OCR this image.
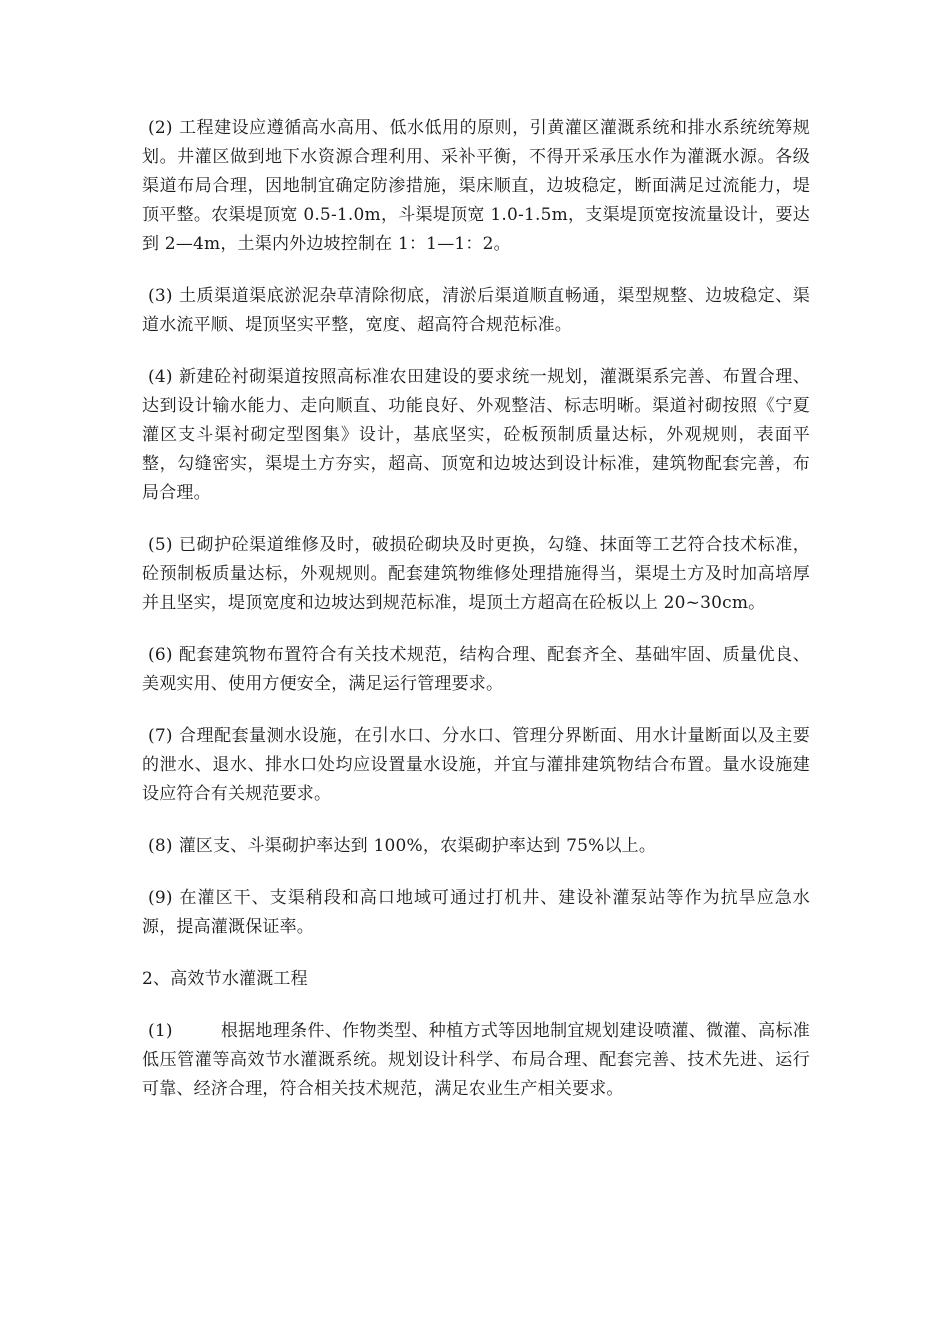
(2) 工程建设应遵循高水高用、低水低用的原则，引黄灌区灌溉系统和排水系统统筹规划。井灌区做到地下水资源合理利用、采补平衡，不得开采承压水作为灌溉水源。各级渠道布局合理，因地制宜确定防渗措施，渠床顺直，边坡稳定，断面满足过流能力，堤顶平整。农渠堤顶宽 0.5-1.0m，斗渠堤顶宽 1.0-1.5m，支渠堤顶宽按流量设计，要达到 2—4m，土渠内外边坡控制在 1：1—1：2。

(3) 土质渠道渠底淤泥杂草清除彻底，清淤后渠道顺直畅通，渠型规整、边坡稳定、渠道水流平顺、堤顶坚实平整，宽度、超高符合规范标准。

(4) 新建砼衬砌渠道按照高标准农田建设的要求统一规划，灌溉渠系完善、布置合理、达到设计输水能力、走向顺直、功能良好、外观整洁、标志明晰。渠道衬砌按照《宁夏灌区支斗渠衬砌定型图集》设计，基底坚实，砼板预制质量达标，外观规则，表面平整，勾缝密实，渠堤土方夯实，超高、顶宽和边坡达到设计标准，建筑物配套完善，布局合理。

(5) 已砌护砼渠道维修及时，破损砼砌块及时更换，勾缝、抹面等工艺符合技术标准，砼预制板质量达标，外观规则。配套建筑物维修处理措施得当，渠堤土方及时加高培厚并且坚实，堤顶宽度和边坡达到规范标准，堤顶土方超高在砼板以上 20~30cm。

(6) 配套建筑物布置符合有关技术规范，结构合理、配套齐全、基础牢固、质量优良、美观实用、使用方便安全，满足运行管理要求。

(7) 合理配套量测水设施，在引水口、分水口、管理分界断面、用水计量断面以及主要的泄水、退水、排水口处均应设置量水设施，并宜与灌排建筑物结合布置。量水设施建设应符合有关规范要求。

(8) 灌区支、斗渠砌护率达到 100%，农渠砌护率达到 75%以上。

(9) 在灌区干、支渠稍段和高口地域可通过打机井、建设补灌泵站等作为抗旱应急水源，提高灌溉保证率。

2、高效节水灌溉工程

(1)	根据地理条件、作物类型、种植方式等因地制宜规划建设喷灌、微灌、高标准低压管灌等高效节水灌溉系统。规划设计科学、布局合理、配套完善、技术先进、运行可靠、经济合理，符合相关技术规范，满足农业生产相关要求。
